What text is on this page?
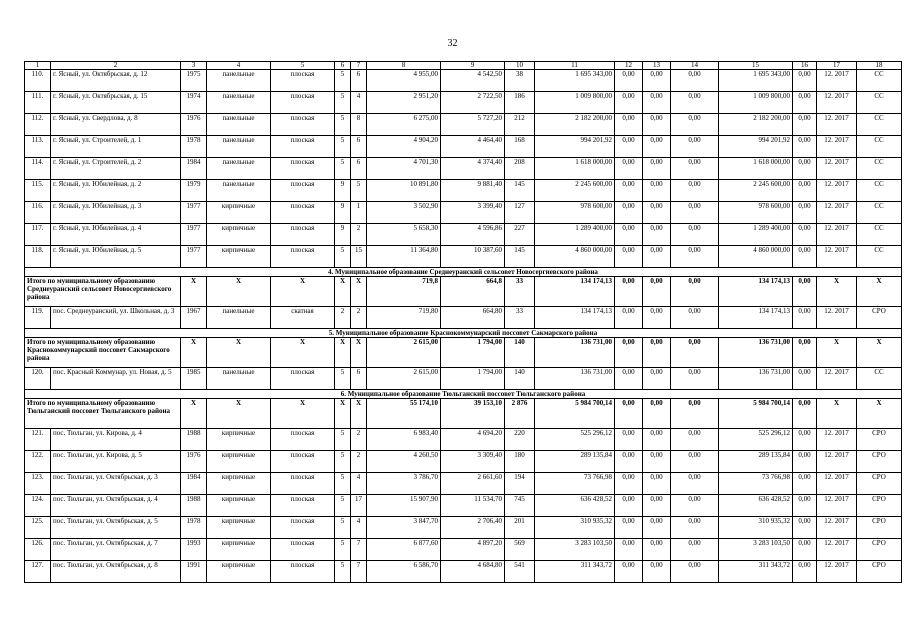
32
1	2	3	4	5	6	7	8	9	10	11	12	13	14	15	16	17	18
110.	г. Ясный, ул. Октябрьская, д. 12	1975	панельные	плоская	5	6	4 955,00	4 542,50	38	1 695 343,00	0,00	0,00	0,00	1 695 343,00	0,00	12. 2017	СС
111.	г. Ясный, ул. Октябрьская, д. 15	1974	панельные	плоская	5	4	2 951,20	2 722,50	186	1 009 800,00	0,00	0,00	0,00	1 009 800,00	0,00	12. 2017	СС
112.	г. Ясный, ул. Свердлова, д. 8	1976	панельные	плоская	5	8	6 275,00	5 727,20	212	2 182 200,00	0,00	0,00	0,00	2 182 200,00	0,00	12. 2017	СС
113.	г. Ясный, ул. Строителей, д. 1	1978	панельные	плоская	5	6	4 904,20	4 464,40	168	994 201,92	0,00	0,00	0,00	994 201,92	0,00	12. 2017	СС
114.	г. Ясный, ул. Строителей, д. 2	1984	панельные	плоская	5	6	4 701,30	4 374,40	208	1 618 000,00	0,00	0,00	0,00	1 618 000,00	0,00	12. 2017	СС
115.	г. Ясный, ул. Юбилейная, д. 2	1979	панельные	плоская	9	5	10 891,80	9 881,40	145	2 245 600,00	0,00	0,00	0,00	2 245 600,00	0,00	12. 2017	СС
116.	г. Ясный, ул. Юбилейная, д. 3	1977	кирпичные	плоская	9	1	3 502,90	3 399,40	127	978 600,00	0,00	0,00	0,00	978 600,00	0,00	12. 2017	СС
117.	г. Ясный, ул. Юбилейная, д. 4	1977	кирпичные	плоская	9	2	5 658,30	4 596,86	227	1 289 400,00	0,00	0,00	0,00	1 289 400,00	0,00	12. 2017	СС
118.	г. Ясный, ул. Юбилейная, д. 5	1977	кирпичные	плоская	5	15	11 364,80	10 387,60	145	4 860 000,00	0,00	0,00	0,00	4 860 000,00	0,00	12. 2017	СС
4. Муниципальное образование Среднеуранский сельсовет Новосергиевского района																	
Итого по муниципальному образованию Среднеуранский сельсовет Новосергиевского района		X	X	X	X	X	719,8	664,8	33	134 174,13	0,00	0,00	0,00	134 174,13	0,00	X	X
119.	пос. Среднеуранский, ул. Школьная, д. 3	1967	панельные	скатная	2	2	719,80	664,80	33	134 174,13	0,00	0,00	0,00	134 174,13	0,00	12. 2017	СРО
5. Муниципальное образование Краснокоммунарский поссовет Сакмарского района																	
Итого по муниципальному образованию Краснокоммунарский поссовет Сакмарского района		X	X	X	X	X	2 615,00	1 794,00	140	136 731,00	0,00	0,00	0,00	136 731,00	0,00	X	X
120.	пос. Красный Коммунар, ул. Новая, д. 5	1985	панельные	плоская	5	6	2 615,00	1 794,00	140	136 731,00	0,00	0,00	0,00	136 731,00	0,00	12. 2017	СС
6. Муниципальное образование Тюльганский поссовет Тюльганского района																	
Итого по муниципальному образованию Тюльганский поссовет Тюльганского района		X	X	X	X	X	55 174,10	39 153,10	2 876	5 984 700,14	0,00	0,00	0,00	5 984 700,14	0,00	X	X
121.	пос. Тюльган, ул. Кирова, д. 4	1988	кирпичные	плоская	5	2	6 983,40	4 694,20	220	525 296,12	0,00	0,00	0,00	525 296,12	0,00	12. 2017	СРО
122.	пос. Тюльган, ул. Кирова, д. 5	1976	кирпичные	плоская	5	2	4 260,50	3 309,40	180	289 135,84	0,00	0,00	0,00	289 135,84	0,00	12. 2017	СРО
123.	пос. Тюльган, ул. Октябрьская, д. 3	1984	кирпичные	плоская	5	4	3 786,70	2 661,60	194	73 766,98	0,00	0,00	0,00	73 766,98	0,00	12. 2017	СРО
124.	пос. Тюльган, ул. Октябрьская, д. 4	1988	кирпичные	плоская	5	17	15 907,90	11 534,70	745	636 428,52	0,00	0,00	0,00	636 428,52	0,00	12. 2017	СРО
125.	пос. Тюльган, ул. Октябрьская, д. 5	1978	кирпичные	плоская	5	4	3 847,70	2 706,40	201	310 935,32	0,00	0,00	0,00	310 935,32	0,00	12. 2017	СРО
126.	пос. Тюльган, ул. Октябрьская, д. 7	1993	кирпичные	плоская	5	7	6 877,60	4 897,20	569	3 283 103,50	0,00	0,00	0,00	3 283 103,50	0,00	12. 2017	СРО
127.	пос. Тюльган, ул. Октябрьская, д. 8	1991	кирпичные	плоская	5	7	6 586,70	4 684,80	541	311 343,72	0,00	0,00	0,00	311 343,72	0,00	12. 2017	СРО
